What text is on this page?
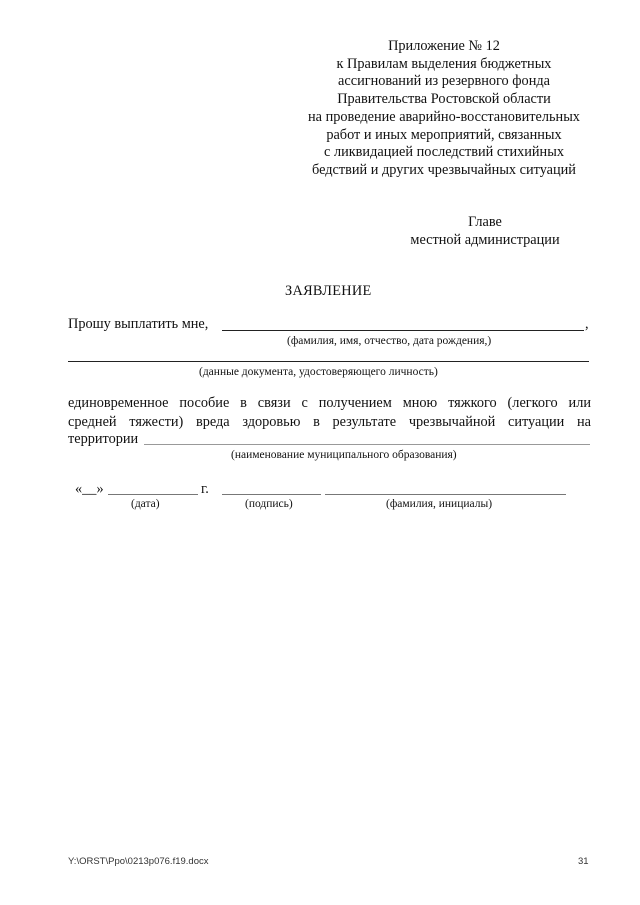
Приложение № 12
к Правилам выделения бюджетных
ассигнований из резервного фонда
Правительства Ростовской области
на проведение аварийно-восстановительных
работ и иных мероприятий, связанных
с ликвидацией последствий стихийных
бедствий и других чрезвычайных ситуаций
Главе
местной администрации
ЗАЯВЛЕНИЕ
Прошу выплатить мне,	,
(фамилия, имя, отчество, дата рождения,)
(данные документа, удостоверяющего личность)
единовременное пособие в связи с получением мною тяжкого (легкого или
средней тяжести) вреда здоровью в результате чрезвычайной ситуации на
территории
(наименование муниципального образования)
«__»	г.
(дата)	(подпись)	(фамилия, инициалы)
Y:\ORST\Ppo\0213p076.f19.docx	31
